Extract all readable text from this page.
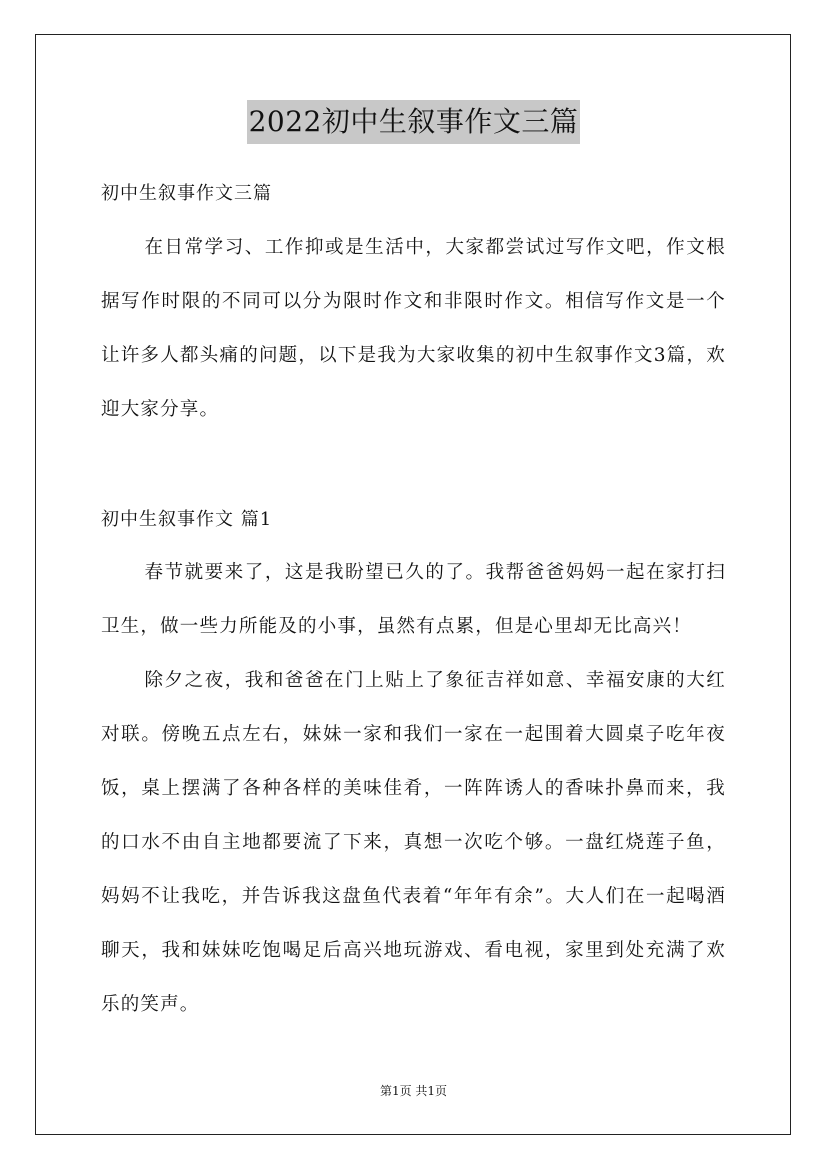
2022初中生叙事作文三篇
初中生叙事作文三篇

在日常学习、工作抑或是生活中，大家都尝试过写作文吧，作文根据写作时限的不同可以分为限时作文和非限时作文。相信写作文是一个让许多人都头痛的问题，以下是我为大家收集的初中生叙事作文3篇，欢迎大家分享。

初中生叙事作文 篇1

春节就要来了，这是我盼望已久的了。我帮爸爸妈妈一起在家打扫卫生，做一些力所能及的小事，虽然有点累，但是心里却无比高兴！

除夕之夜，我和爸爸在门上贴上了象征吉祥如意、幸福安康的大红对联。傍晚五点左右，妹妹一家和我们一家在一起围着大圆桌子吃年夜饭，桌上摆满了各种各样的美味佳肴，一阵阵诱人的香味扑鼻而来，我的口水不由自主地都要流了下来，真想一次吃个够。一盘红烧莲子鱼，妈妈不让我吃，并告诉我这盘鱼代表着“年年有余”。大人们在一起喝酒聊天，我和妹妹吃饱喝足后高兴地玩游戏、看电视，家里到处充满了欢乐的笑声。

第1页 共1页
